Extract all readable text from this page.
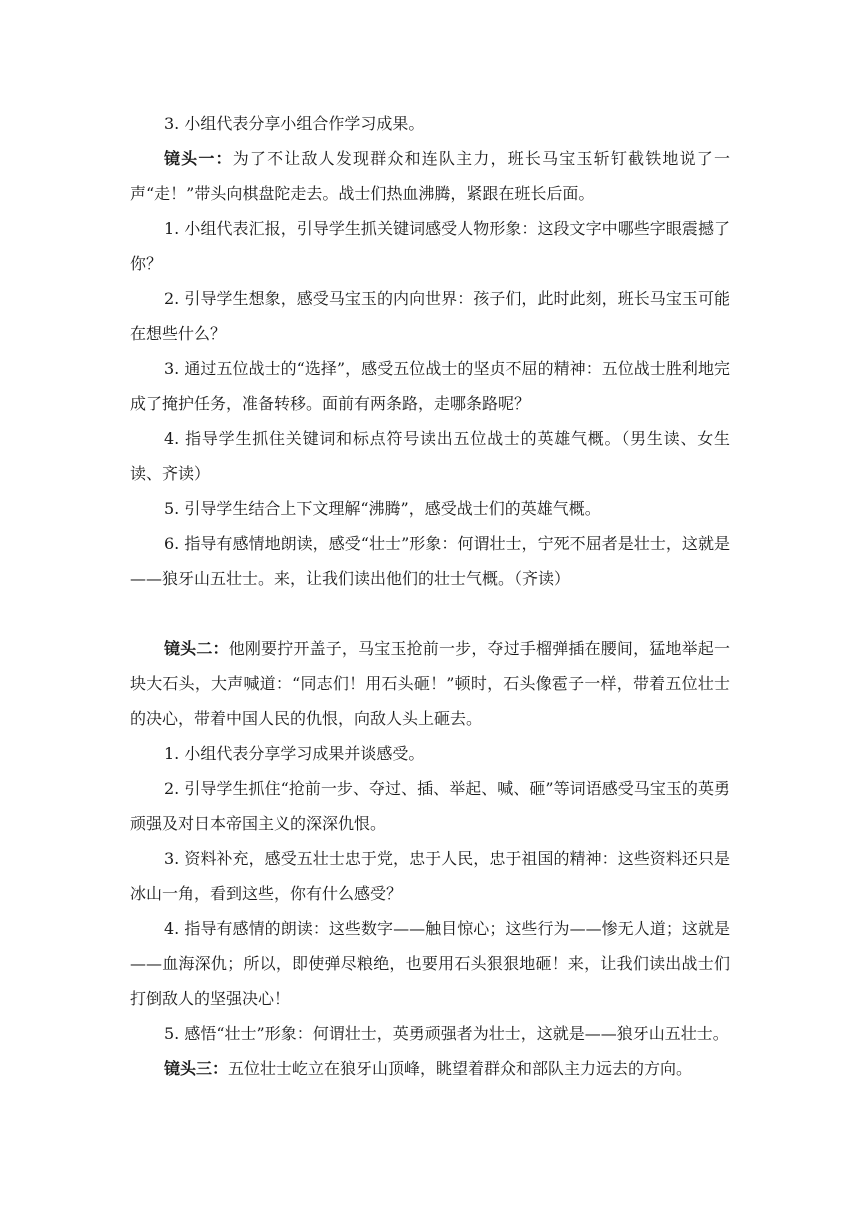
3. 小组代表分享小组合作学习成果。

镜头一：为了不让敌人发现群众和连队主力，班长马宝玉斩钉截铁地说了一声“走！”带头向棋盘陀走去。战士们热血沸腾，紧跟在班长后面。

1. 小组代表汇报，引导学生抓关键词感受人物形象：这段文字中哪些字眼震撼了你？

2. 引导学生想象，感受马宝玉的内向世界：孩子们，此时此刻，班长马宝玉可能在想些什么？

3. 通过五位战士的“选择”，感受五位战士的坚贞不屈的精神：五位战士胜利地完成了掩护任务，准备转移。面前有两条路，走哪条路呢？

4. 指导学生抓住关键词和标点符号读出五位战士的英雄气概。（男生读、女生读、齐读）

5. 引导学生结合上下文理解“沸腾”，感受战士们的英雄气概。

6. 指导有感情地朗读，感受“壮士”形象：何谓壮士，宁死不屈者是壮士，这就是——狼牙山五壮士。来，让我们读出他们的壮士气概。（齐读）

镜头二：他刚要拧开盖子，马宝玉抢前一步，夺过手榴弹插在腰间，猛地举起一块大石头，大声喊道：“同志们！用石头砸！”顿时，石头像雹子一样，带着五位壮士的决心，带着中国人民的仇恨，向敌人头上砸去。

1. 小组代表分享学习成果并谈感受。

2. 引导学生抓住“抢前一步、夺过、插、举起、喊、砸”等词语感受马宝玉的英勇顽强及对日本帝国主义的深深仇恨。

3. 资料补充，感受五壮士忠于党，忠于人民，忠于祖国的精神：这些资料还只是冰山一角，看到这些，你有什么感受？

4. 指导有感情的朗读：这些数字——触目惊心；这些行为——惨无人道；这就是——血海深仇；所以，即使弹尽粮绝，也要用石头狠狠地砸！来，让我们读出战士们打倒敌人的坚强决心！

5. 感悟“壮士”形象：何谓壮士，英勇顽强者为壮士，这就是——狼牙山五壮士。

镜头三：五位壮士屹立在狼牙山顶峰，眺望着群众和部队主力远去的方向。
